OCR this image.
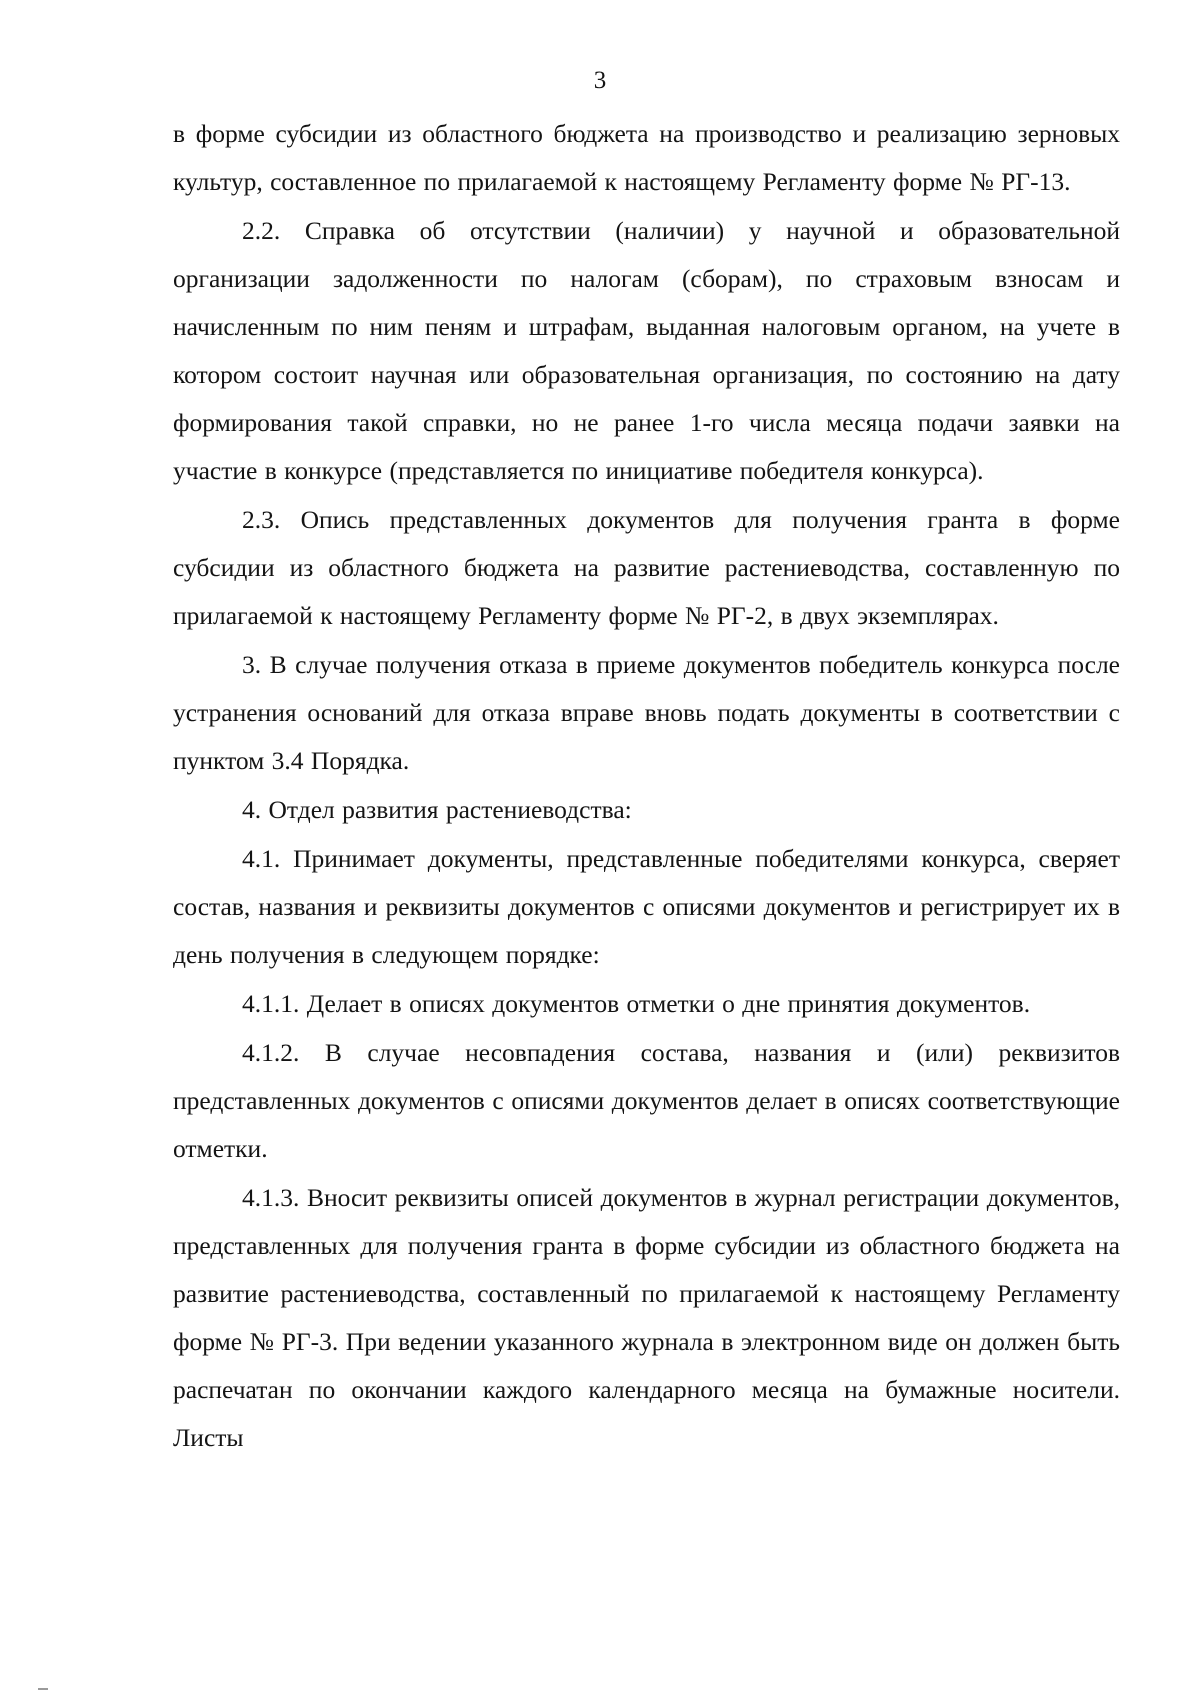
3

в форме субсидии из областного бюджета на производство и реализацию зерновых культур, составленное по прилагаемой к настоящему Регламенту форме № РГ-13.

2.2. Справка об отсутствии (наличии) у научной и образовательной организации задолженности по налогам (сборам), по страховым взносам и начисленным по ним пеням и штрафам, выданная налоговым органом, на учете в котором состоит научная или образовательная организация, по состоянию на дату формирования такой справки, но не ранее 1-го числа месяца подачи заявки на участие в конкурсе (представляется по инициативе победителя конкурса).

2.3. Опись представленных документов для получения гранта в форме субсидии из областного бюджета на развитие растениеводства, составленную по прилагаемой к настоящему Регламенту форме № РГ-2, в двух экземплярах.

3. В случае получения отказа в приеме документов победитель конкурса после устранения оснований для отказа вправе вновь подать документы в соответствии с пунктом 3.4 Порядка.

4. Отдел развития растениеводства:

4.1. Принимает документы, представленные победителями конкурса, сверяет состав, названия и реквизиты документов с описями документов и регистрирует их в день получения в следующем порядке:

4.1.1. Делает в описях документов отметки о дне принятия документов.

4.1.2. В случае несовпадения состава, названия и (или) реквизитов представленных документов с описями документов делает в описях соответствующие отметки.

4.1.3. Вносит реквизиты описей документов в журнал регистрации документов, представленных для получения гранта в форме субсидии из областного бюджета на развитие растениеводства, составленный по прилагаемой к настоящему Регламенту форме № РГ-3. При ведении указанного журнала в электронном виде он должен быть распечатан по окончании каждого календарного месяца на бумажные носители. Листы
